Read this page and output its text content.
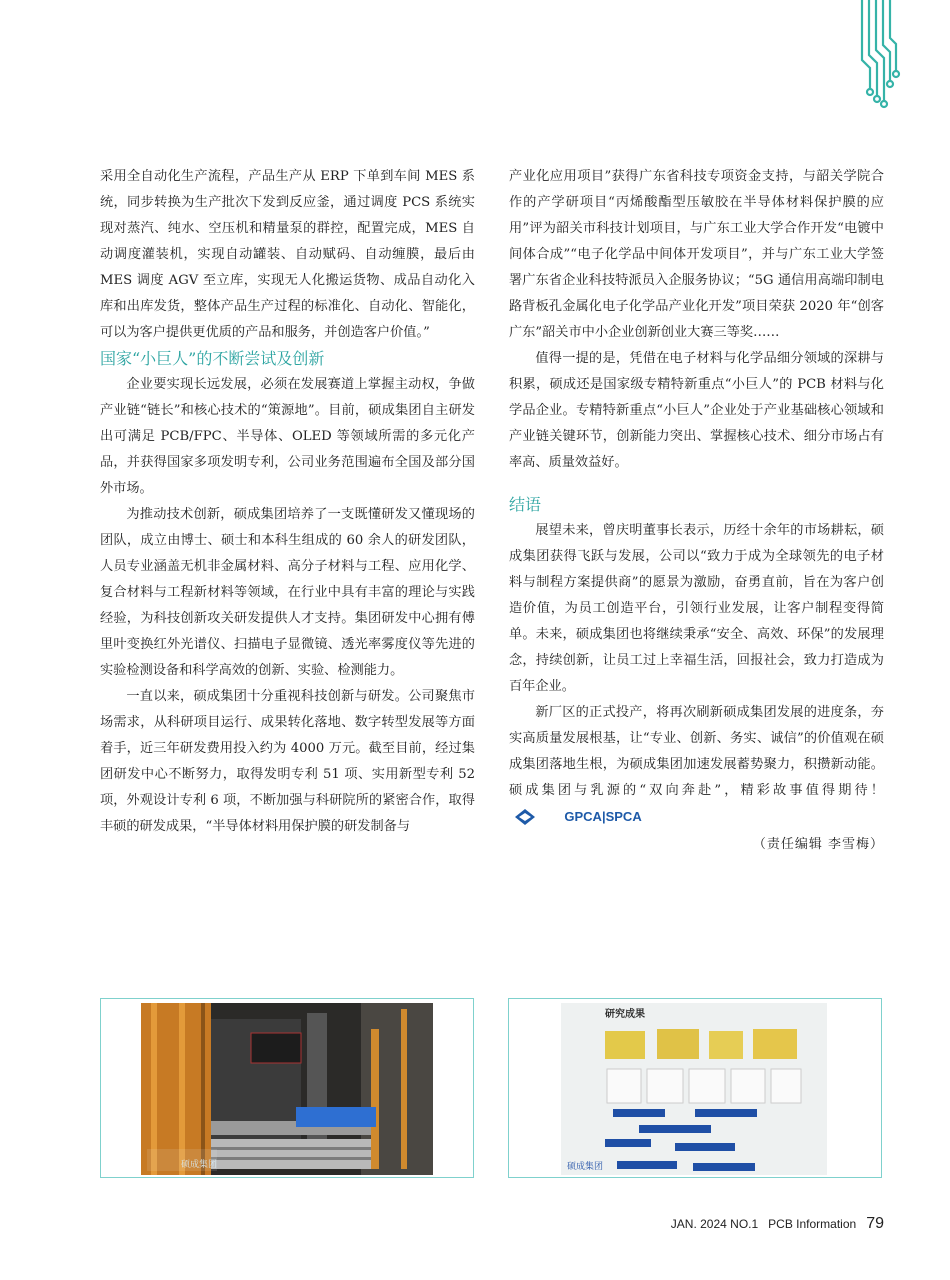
采用全自动化生产流程，产品生产从 ERP 下单到车间 MES 系统，同步转换为生产批次下发到反应釜，通过调度 PCS 系统实现对蒸汽、纯水、空压机和精量泵的群控，配置完成，MES 自动调度灌装机，实现自动罐装、自动赋码、自动缠膜，最后由 MES 调度 AGV 至立库，实现无人化搬运货物、成品自动化入库和出库发货，整体产品生产过程的标准化、自动化、智能化，可以为客户提供更优质的产品和服务，并创造客户价值。”

国家“小巨人”的不断尝试及创新

企业要实现长远发展，必须在发展赛道上掌握主动权，争做产业链“链长”和核心技术的“策源地”。目前，硕成集团自主研发出可满足 PCB/FPC、半导体、OLED 等领域所需的多元化产品，并获得国家多项发明专利，公司业务范围遍布全国及部分国外市场。

为推动技术创新，硕成集团培养了一支既懂研发又懂现场的团队，成立由博士、硕士和本科生组成的 60 余人的研发团队，人员专业涵盖无机非金属材料、高分子材料与工程、应用化学、复合材料与工程新材料等领域，在行业中具有丰富的理论与实践经验，为科技创新攻关研发提供人才支持。集团研发中心拥有傅里叶变换红外光谱仪、扫描电子显微镜、透光率雾度仪等先进的实验检测设备和科学高效的创新、实验、检测能力。

一直以来，硕成集团十分重视科技创新与研发。公司聚焦市场需求，从科研项目运行、成果转化落地、数字转型发展等方面着手，近三年研发费用投入约为 4000 万元。截至目前，经过集团研发中心不断努力，取得发明专利 51 项、实用新型专利 52 项，外观设计专利 6 项，不断加强与科研院所的紧密合作，取得丰硕的研发成果，“半导体材料用保护膜的研发制备与

产业化应用项目”获得广东省科技专项资金支持，与韶关学院合作的产学研项目“丙烯酸酯型压敏胶在半导体材料保护膜的应用”评为韶关市科技计划项目，与广东工业大学合作开发“电镀中间体合成”“电子化学品中间体开发项目”，并与广东工业大学签署广东省企业科技特派员入企服务协议；“5G 通信用高端印制电路背板孔金属化电子化学品产业化开发”项目荣获 2020 年“创客广东”韶关市中小企业创新创业大赛三等奖……

值得一提的是，凭借在电子材料与化学品细分领域的深耕与积累，硕成还是国家级专精特新重点“小巨人”的 PCB 材料与化学品企业。专精特新重点“小巨人”企业处于产业基础核心领域和产业链关键环节，创新能力突出、掌握核心技术、细分市场占有率高、质量效益好。

结语

展望未来，曾庆明董事长表示，历经十余年的市场耕耘，硕成集团获得飞跃与发展，公司以“致力于成为全球领先的电子材料与制程方案提供商”的愿景为激励，奋勇直前，旨在为客户创造价值，为员工创造平台，引领行业发展，让客户制程变得简单。未来，硕成集团也将继续秉承“安全、高效、环保”的发展理念，持续创新，让员工过上幸福生活，回报社会，致力打造成为百年企业。

新厂区的正式投产，将再次刷新硕成集团发展的进度条，夯实高质量发展根基，让“专业、创新、务实、诚信”的价值观在硕成集团落地生根，为硕成集团加速发展蓄势聚力，积攒新动能。硕成集团与乳源的“双向奔赴”，精彩故事值得期待！
GPCA|SPCA

（责任编辑 李雪梅）

硕成集团
研究成果
硕成集团
JAN. 2024 NO.1 PCB Information 79
